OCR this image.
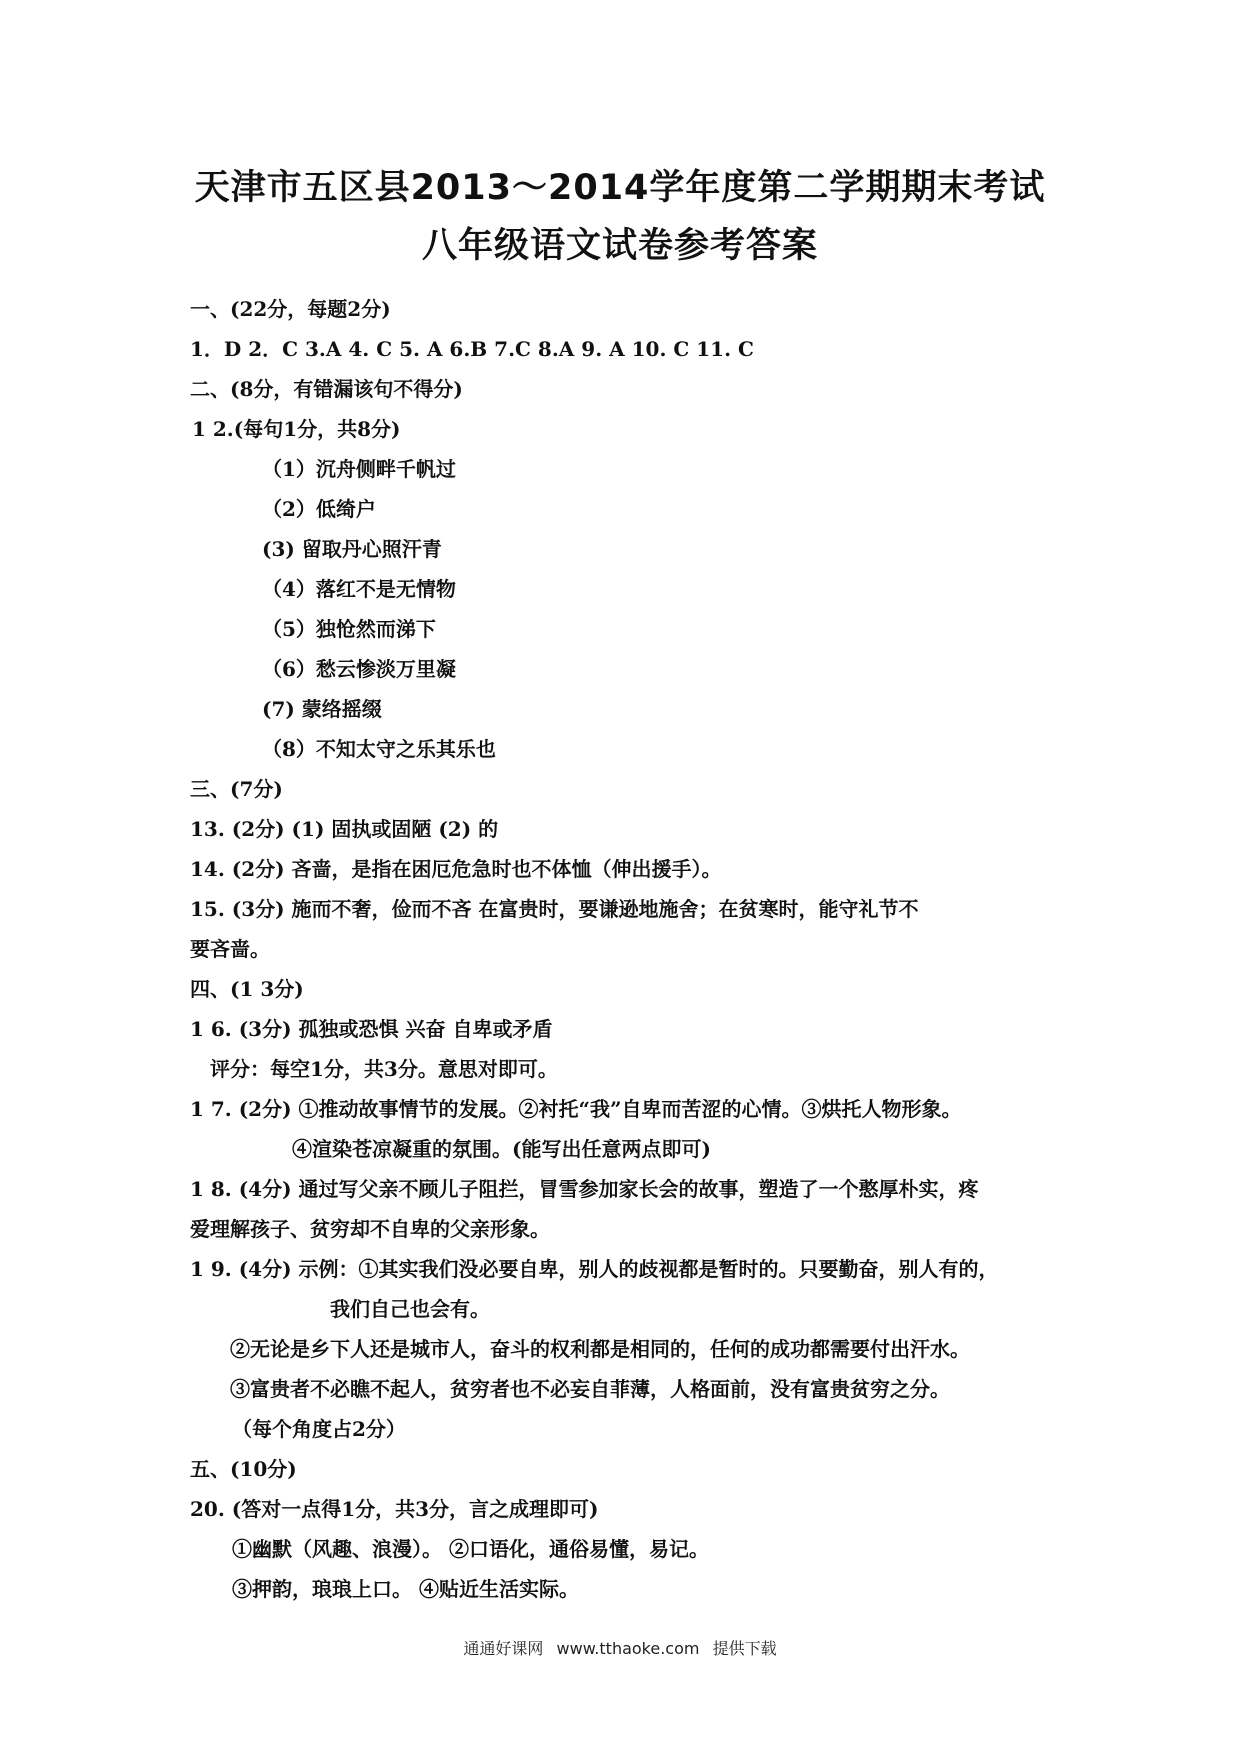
天津市五区县2013～2014学年度第二学期期末考试
八年级语文试卷参考答案
一、(22分，每题2分)
1．D 2．C 3.A 4. C 5. A 6.B 7.C 8.A 9. A 10. C 11. C
二、(8分，有错漏该句不得分)
1 2.(每句1分，共8分)
（1）沉舟侧畔千帆过
（2）低绮户
(3) 留取丹心照汗青
（4）落红不是无情物
（5）独怆然而涕下
（6）愁云惨淡万里凝
(7) 蒙络摇缀
（8）不知太守之乐其乐也
三、(7分)
13. (2分) (1) 固执或固陋 (2) 的
14. (2分) 吝啬，是指在困厄危急时也不体恤（伸出援手）。
15. (3分) 施而不奢，俭而不吝 在富贵时，要谦逊地施舍；在贫寒时，能守礼节不
要吝啬。
四、(1 3分)
1 6. (3分) 孤独或恐惧 兴奋 自卑或矛盾
评分：每空1分，共3分。意思对即可。
1 7. (2分) ①推动故事情节的发展。②衬托“我”自卑而苦涩的心情。③烘托人物形象。
④渲染苍凉凝重的氛围。(能写出任意两点即可)
1 8. (4分) 通过写父亲不顾儿子阻拦，冒雪参加家长会的故事，塑造了一个憨厚朴实，疼
爱理解孩子、贫穷却不自卑的父亲形象。
1 9. (4分) 示例：①其实我们没必要自卑，别人的歧视都是暂时的。只要勤奋，别人有的，
我们自己也会有。
②无论是乡下人还是城市人，奋斗的权利都是相同的，任何的成功都需要付出汗水。
③富贵者不必瞧不起人，贫穷者也不必妄自菲薄，人格面前，没有富贵贫穷之分。
（每个角度占2分）
五、(10分)
20. (答对一点得1分，共3分，言之成理即可)
①幽默（风趣、浪漫）。 ②口语化，通俗易懂，易记。
③押韵，琅琅上口。 ④贴近生活实际。
通通好课网 www.tthaoke.com 提供下载
